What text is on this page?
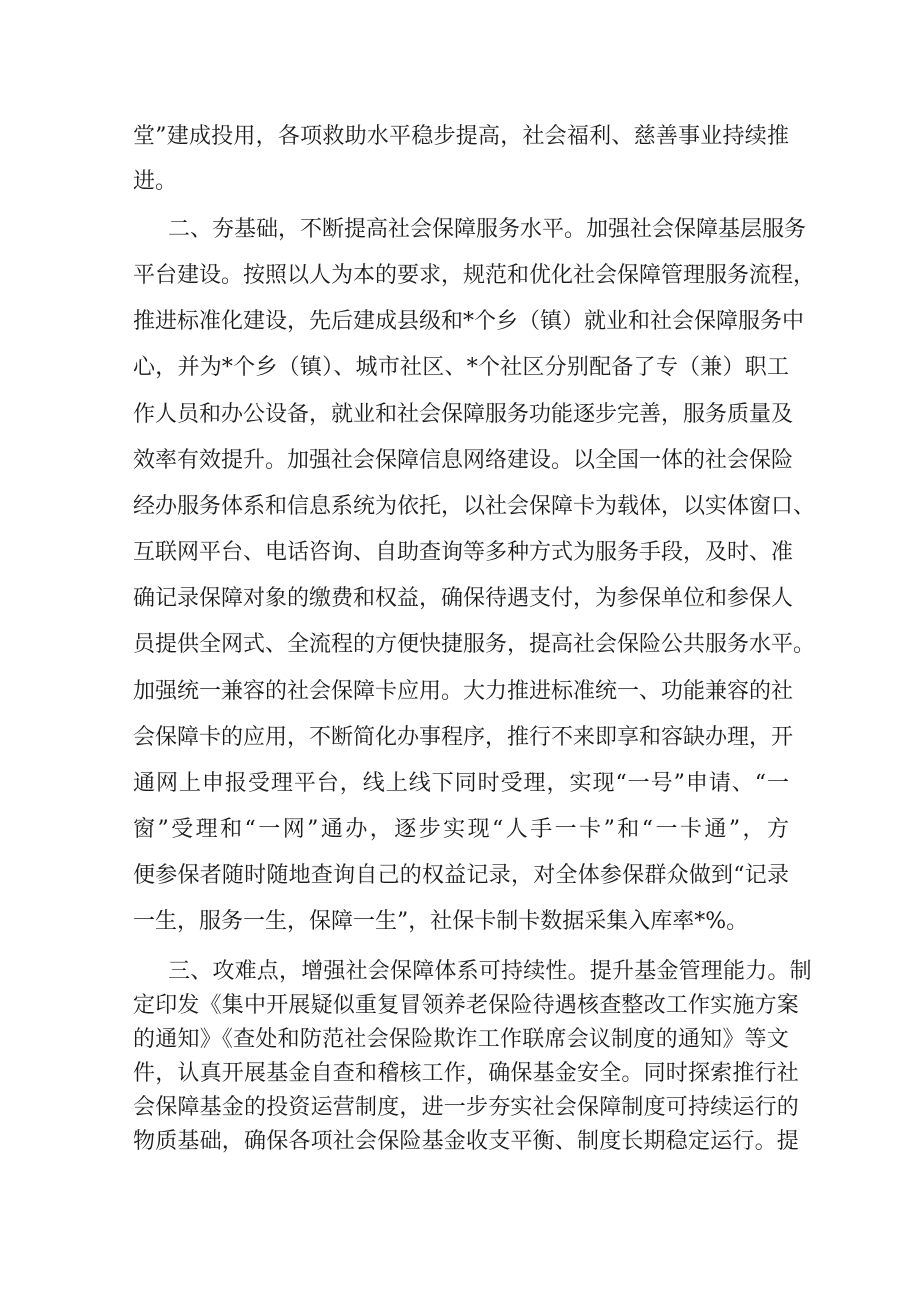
堂”建成投用，各项救助水平稳步提高，社会福利、慈善事业持续推
进。
二、夯基础，不断提高社会保障服务水平。加强社会保障基层服务
平台建设。按照以人为本的要求，规范和优化社会保障管理服务流程，
推进标准化建设，先后建成县级和*个乡（镇）就业和社会保障服务中
心，并为*个乡（镇）、城市社区、*个社区分别配备了专（兼）职工
作人员和办公设备，就业和社会保障服务功能逐步完善，服务质量及
效率有效提升。加强社会保障信息网络建设。以全国一体的社会保险
经办服务体系和信息系统为依托，以社会保障卡为载体，以实体窗口、
互联网平台、电话咨询、自助查询等多种方式为服务手段，及时、准
确记录保障对象的缴费和权益，确保待遇支付，为参保单位和参保人
员提供全网式、全流程的方便快捷服务，提高社会保险公共服务水平。
加强统一兼容的社会保障卡应用。大力推进标准统一、功能兼容的社
会保障卡的应用，不断简化办事程序，推行不来即享和容缺办理，开
通网上申报受理平台，线上线下同时受理，实现“一号”申请、“一
窗”受理和“一网”通办，逐步实现“人手一卡”和“一卡通”，方
便参保者随时随地查询自己的权益记录，对全体参保群众做到“记录
一生，服务一生，保障一生”，社保卡制卡数据采集入库率*%。
三、攻难点，增强社会保障体系可持续性。提升基金管理能力。制
定印发《集中开展疑似重复冒领养老保险待遇核查整改工作实施方案
的通知》《查处和防范社会保险欺诈工作联席会议制度的通知》等文
件，认真开展基金自查和稽核工作，确保基金安全。同时探索推行社
会保障基金的投资运营制度，进一步夯实社会保障制度可持续运行的
物质基础，确保各项社会保险基金收支平衡、制度长期稳定运行。提
